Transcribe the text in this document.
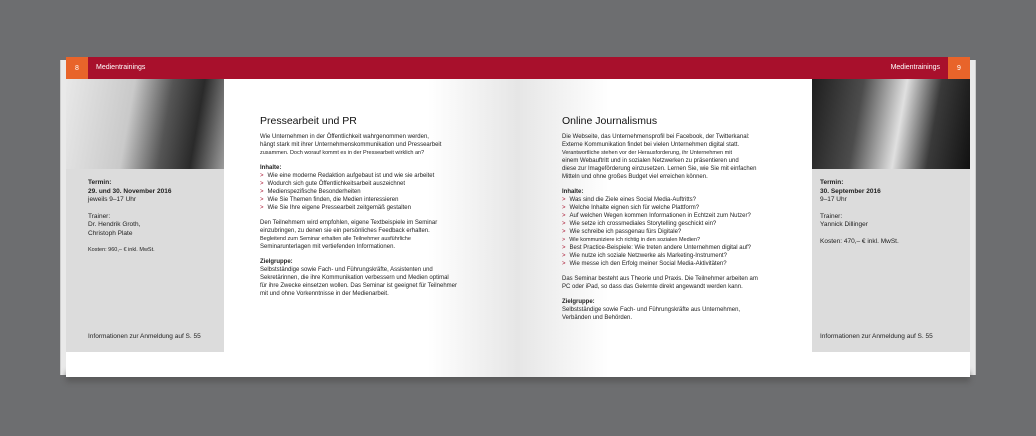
8	Medientrainings
Termin:
29. und 30. November 2016
jeweils 9–17 Uhr
Trainer:
Dr. Hendrik Groth,
Christoph Plate
Kosten: 960,– € inkl. MwSt.
Informationen zur Anmeldung auf S. 55
Pressearbeit und PR

Wie Unternehmen in der Öffentlichkeit wahrgenommen werden,
hängt stark mit ihrer Unternehmenskommunikation und Pressearbeit
zusammen. Doch worauf kommt es in der Pressearbeit wirklich an?

Inhalte:
> Wie eine moderne Redaktion aufgebaut ist und wie sie arbeitet
> Wodurch sich gute Öffentlichkeitsarbeit auszeichnet
> Medienspezifische Besonderheiten
> Wie Sie Themen finden, die Medien interessieren
> Wie Sie Ihre eigene Pressearbeit zeitgemäß gestalten

Den Teilnehmern wird empfohlen, eigene Textbeispiele im Seminar
einzubringen, zu denen sie ein persönliches Feedback erhalten.
Begleitend zum Seminar erhalten alle Teilnehmer ausführliche
Seminarunterlagen mit vertiefenden Informationen.

Zielgruppe:

Selbstständige sowie Fach- und Führungskräfte, Assistenten und
Sekretärinnen, die ihre Kommunikation verbessern und Medien optimal
für ihre Zwecke einsetzen wollen. Das Seminar ist geeignet für Teilnehmer
mit und ohne Vorkenntnisse in der Medienarbeit.

9
Medientrainings
Termin:
30. September 2016
9–17 Uhr
Trainer:
Yannick Dillinger
Kosten: 470,– € inkl. MwSt.
Informationen zur Anmeldung auf S. 55
Online Journalismus

Die Webseite, das Unternehmensprofil bei Facebook, der Twitterkanal:
Externe Kommunikation findet bei vielen Unternehmen digital statt.
Verantwortliche stehen vor der Herausforderung, ihr Unternehmen mit
einem Webauftritt und in sozialen Netzwerken zu präsentieren und
diese zur Imageförderung einzusetzen. Lernen Sie, wie Sie mit einfachen
Mitteln und ohne großes Budget viel erreichen können.

Inhalte:
> Was sind die Ziele eines Social Media-Auftritts?
> Welche Inhalte eignen sich für welche Plattform?
> Auf welchen Wegen kommen Informationen in Echtzeit zum Nutzer?
> Wie setze ich crossmediales Storytelling geschickt ein?
> Wie schreibe ich passgenau fürs Digitale?
> Wie kommuniziere ich richtig in den sozialen Medien?
> Best Practice-Beispiele: Wie treten andere Unternehmen digital auf?
> Wie nutze ich soziale Netzwerke als Marketing-Instrument?
> Wie messe ich den Erfolg meiner Social Media-Aktivitäten?

Das Seminar besteht aus Theorie und Praxis. Die Teilnehmer arbeiten am
PC oder iPad, so dass das Gelernte direkt angewandt werden kann.

Zielgruppe:

Selbstständige sowie Fach- und Führungskräfte aus Unternehmen,
Verbänden und Behörden.
